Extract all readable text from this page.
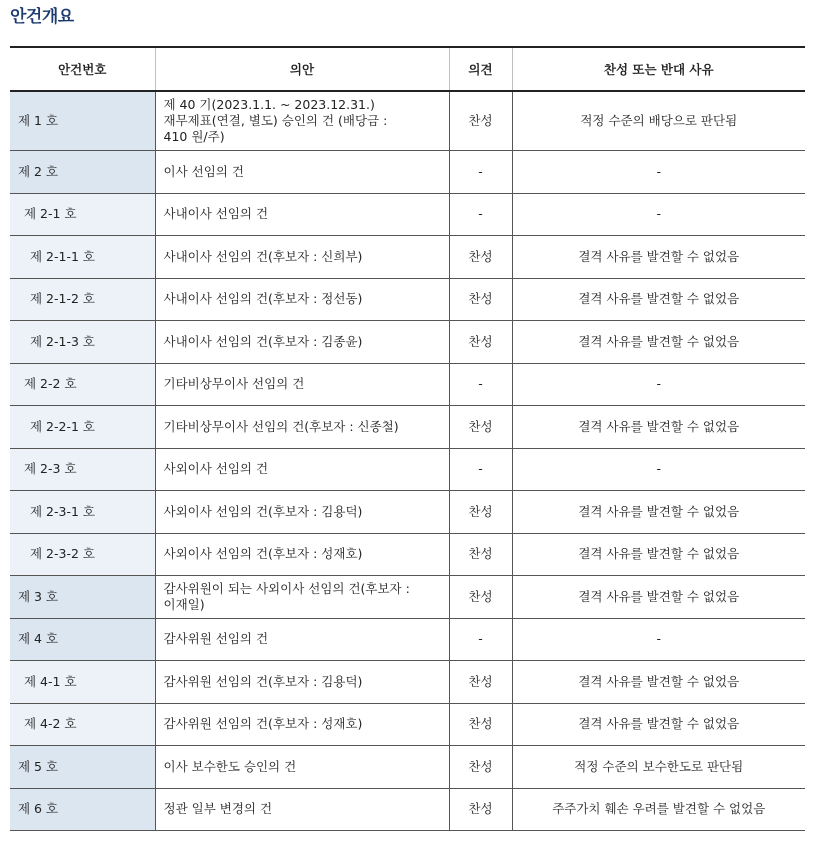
안건개요
안건번호	의안	의견	찬성 또는 반대 사유
제 1 호	제 40 기(2023.1.1. ~ 2023.12.31.)
재무제표(연결, 별도) 승인의 건 (배당금 :
410 원/주)	찬성	적정 수준의 배당으로 판단됨
제 2 호	이사 선임의 건	-	-
제 2-1 호	사내이사 선임의 건	-	-
제 2-1-1 호	사내이사 선임의 건(후보자 : 신희부)	찬성	결격 사유를 발견할 수 없었음
제 2-1-2 호	사내이사 선임의 건(후보자 : 정선동)	찬성	결격 사유를 발견할 수 없었음
제 2-1-3 호	사내이사 선임의 건(후보자 : 김종윤)	찬성	결격 사유를 발견할 수 없었음
제 2-2 호	기타비상무이사 선임의 건	-	-
제 2-2-1 호	기타비상무이사 선임의 건(후보자 : 신종철)	찬성	결격 사유를 발견할 수 없었음
제 2-3 호	사외이사 선임의 건	-	-
제 2-3-1 호	사외이사 선임의 건(후보자 : 김용덕)	찬성	결격 사유를 발견할 수 없었음
제 2-3-2 호	사외이사 선임의 건(후보자 : 성재호)	찬성	결격 사유를 발견할 수 없었음
제 3 호	감사위원이 되는 사외이사 선임의 건(후보자 :
이재일)	찬성	결격 사유를 발견할 수 없었음
제 4 호	감사위원 선임의 건	-	-
제 4-1 호	감사위원 선임의 건(후보자 : 김용덕)	찬성	결격 사유를 발견할 수 없었음
제 4-2 호	감사위원 선임의 건(후보자 : 성재호)	찬성	결격 사유를 발견할 수 없었음
제 5 호	이사 보수한도 승인의 건	찬성	적정 수준의 보수한도로 판단됨
제 6 호	정관 일부 변경의 건	찬성	주주가치 훼손 우려를 발견할 수 없었음
